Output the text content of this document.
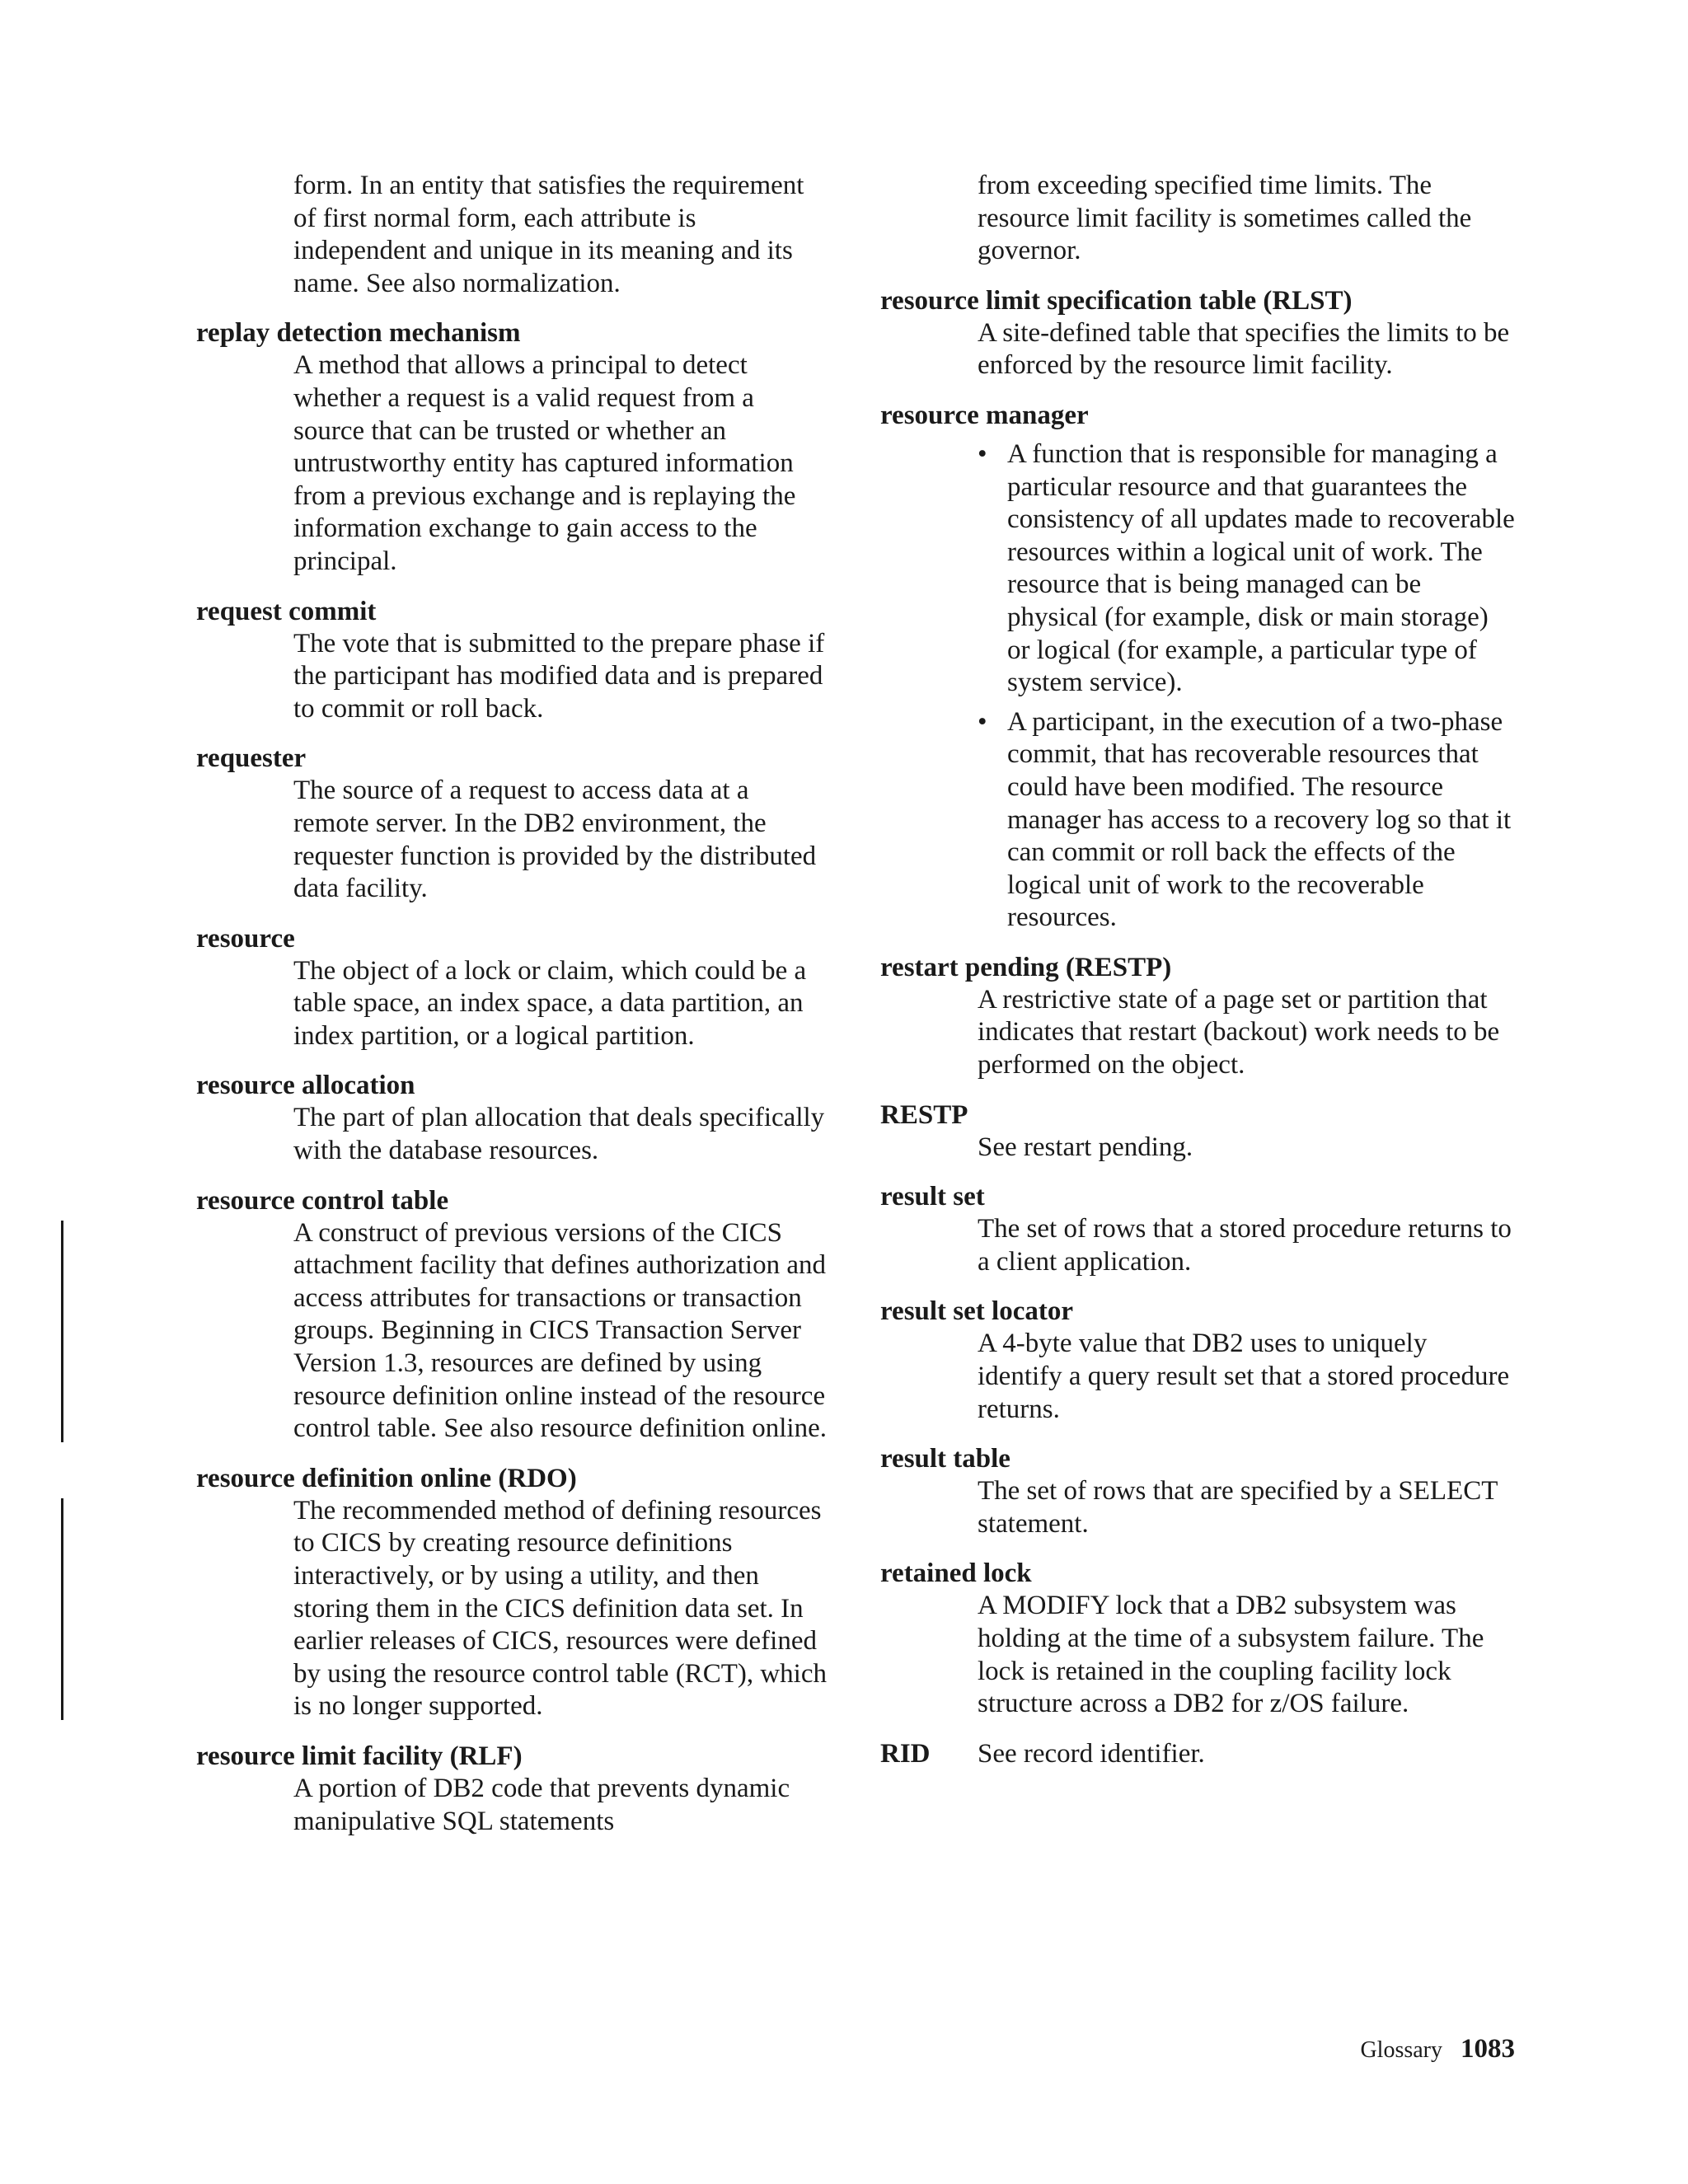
form. In an entity that satisfies the requirement of first normal form, each attribute is independent and unique in its meaning and its name. See also normalization.

replay detection mechanism

A method that allows a principal to detect whether a request is a valid request from a source that can be trusted or whether an untrustworthy entity has captured information from a previous exchange and is replaying the information exchange to gain access to the principal.

request commit

The vote that is submitted to the prepare phase if the participant has modified data and is prepared to commit or roll back.

requester

The source of a request to access data at a remote server. In the DB2 environment, the requester function is provided by the distributed data facility.

resource

The object of a lock or claim, which could be a table space, an index space, a data partition, an index partition, or a logical partition.

resource allocation

The part of plan allocation that deals specifically with the database resources.

resource control table

A construct of previous versions of the CICS attachment facility that defines authorization and access attributes for transactions or transaction groups. Beginning in CICS Transaction Server Version 1.3, resources are defined by using resource definition online instead of the resource control table. See also resource definition online.

resource definition online (RDO)

The recommended method of defining resources to CICS by creating resource definitions interactively, or by using a utility, and then storing them in the CICS definition data set. In earlier releases of CICS, resources were defined by using the resource control table (RCT), which is no longer supported.

resource limit facility (RLF)

A portion of DB2 code that prevents dynamic manipulative SQL statements

from exceeding specified time limits. The resource limit facility is sometimes called the governor.

resource limit specification table (RLST)

A site-defined table that specifies the limits to be enforced by the resource limit facility.

resource manager

• A function that is responsible for managing a particular resource and that guarantees the consistency of all updates made to recoverable resources within a logical unit of work. The resource that is being managed can be physical (for example, disk or main storage) or logical (for example, a particular type of system service).
• A participant, in the execution of a two-phase commit, that has recoverable resources that could have been modified. The resource manager has access to a recovery log so that it can commit or roll back the effects of the logical unit of work to the recoverable resources.

restart pending (RESTP)

A restrictive state of a page set or partition that indicates that restart (backout) work needs to be performed on the object.

RESTP

See restart pending.

result set

The set of rows that a stored procedure returns to a client application.

result set locator

A 4-byte value that DB2 uses to uniquely identify a query result set that a stored procedure returns.

result table

The set of rows that are specified by a SELECT statement.

retained lock

A MODIFY lock that a DB2 subsystem was holding at the time of a subsystem failure. The lock is retained in the coupling facility lock structure across a DB2 for z/OS failure.

RID	See record identifier.

Glossary 1083
